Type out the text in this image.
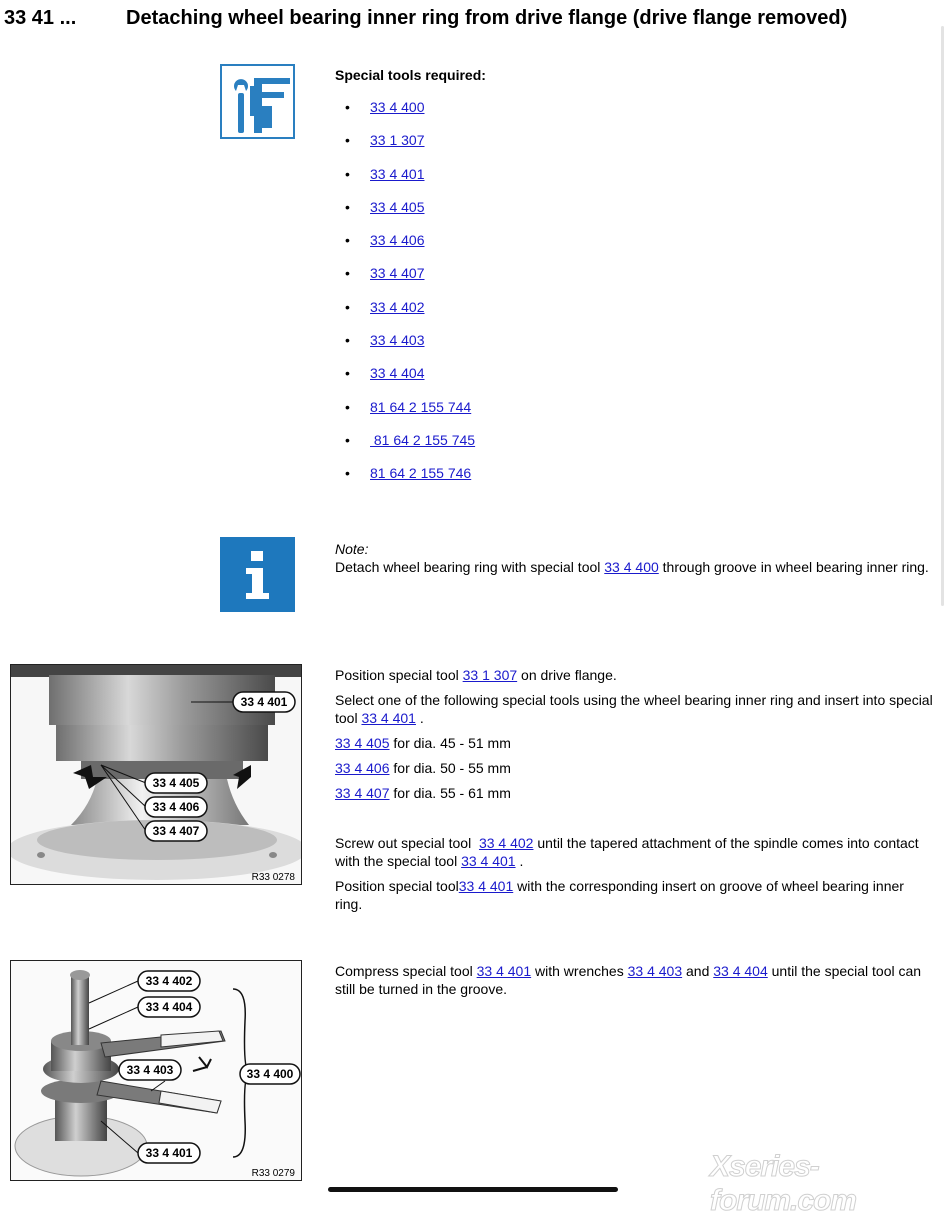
33 41 ... Detaching wheel bearing inner ring from drive flange (drive flange removed)
Special tools required:
•	33 4 400
•	33 1 307
•	33 4 401
•	33 4 405
•	33 4 406
•	33 4 407
•	33 4 402
•	33 4 403
•	33 4 404
•	81 64 2 155 744
•	81 64 2 155 745
•	81 64 2 155 746
Note:
Detach wheel bearing ring with special tool 33 4 400 through groove in wheel bearing inner ring.
33 4 401
33 4 405
33 4 406
33 4 407
R33 0278

Position special tool 33 1 307 on drive flange.

Select one of the following special tools using the wheel bearing inner ring and insert into special tool 33 4 401 .

33 4 405 for dia. 45 - 51 mm

33 4 406 for dia. 50 - 55 mm

33 4 407 for dia. 55 - 61 mm

Screw out special tool  33 4 402 until the tapered attachment of the spindle comes into contact with the special tool 33 4 401 .

Position special tool33 4 401 with the corresponding insert on groove of wheel bearing inner ring.

33 4 402
33 4 404
33 4 403	33 4 400
33 4 401
R33 0279

Compress special tool 33 4 401 with wrenches 33 4 403 and 33 4 404 until the special tool can still be turned in the groove.

Xseries-forum.com
